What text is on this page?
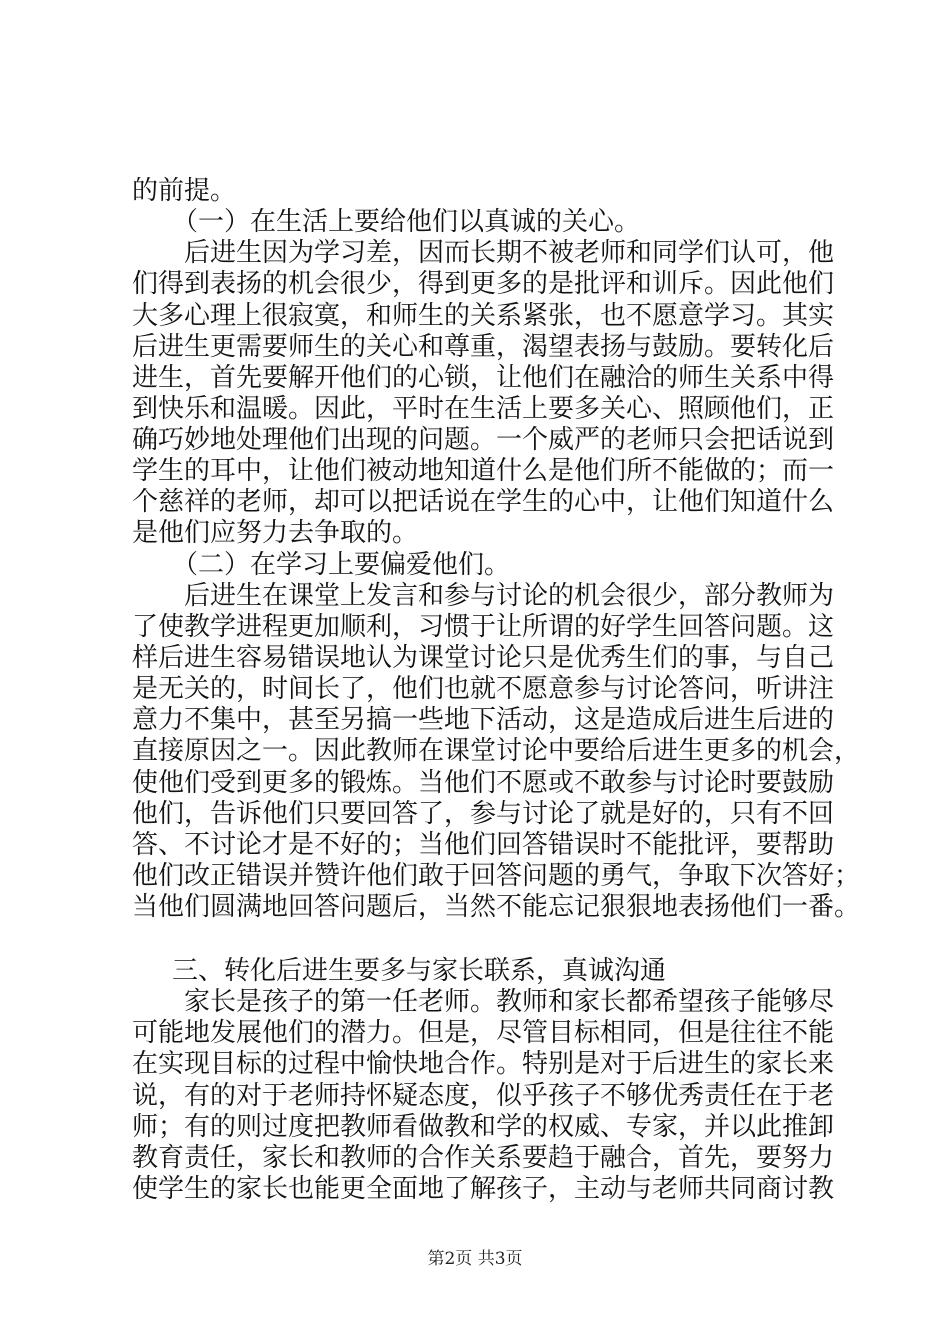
的前提。
（一）在生活上要给他们以真诚的关心。
后进生因为学习差，因而长期不被老师和同学们认可，他
们得到表扬的机会很少，得到更多的是批评和训斥。因此他们
大多心理上很寂寞，和师生的关系紧张，也不愿意学习。其实
后进生更需要师生的关心和尊重，渴望表扬与鼓励。要转化后
进生，首先要解开他们的心锁，让他们在融洽的师生关系中得
到快乐和温暖。因此，平时在生活上要多关心、照顾他们，正
确巧妙地处理他们出现的问题。一个威严的老师只会把话说到
学生的耳中，让他们被动地知道什么是他们所不能做的；而一
个慈祥的老师，却可以把话说在学生的心中，让他们知道什么
是他们应努力去争取的。
（二）在学习上要偏爱他们。
后进生在课堂上发言和参与讨论的机会很少，部分教师为
了使教学进程更加顺利，习惯于让所谓的好学生回答问题。这
样后进生容易错误地认为课堂讨论只是优秀生们的事，与自己
是无关的，时间长了，他们也就不愿意参与讨论答问，听讲注
意力不集中，甚至另搞一些地下活动，这是造成后进生后进的
直接原因之一。因此教师在课堂讨论中要给后进生更多的机会，
使他们受到更多的锻炼。当他们不愿或不敢参与讨论时要鼓励
他们，告诉他们只要回答了，参与讨论了就是好的，只有不回
答、不讨论才是不好的；当他们回答错误时不能批评，要帮助
他们改正错误并赞许他们敢于回答问题的勇气，争取下次答好；
当他们圆满地回答问题后，当然不能忘记狠狠地表扬他们一番。
三、转化后进生要多与家长联系，真诚沟通
家长是孩子的第一任老师。教师和家长都希望孩子能够尽
可能地发展他们的潜力。但是，尽管目标相同，但是往往不能
在实现目标的过程中愉快地合作。特别是对于后进生的家长来
说，有的对于老师持怀疑态度，似乎孩子不够优秀责任在于老
师；有的则过度把教师看做教和学的权威、专家，并以此推卸
教育责任，家长和教师的合作关系要趋于融合，首先，要努力
使学生的家长也能更全面地了解孩子，主动与老师共同商讨教
第2页 共3页
